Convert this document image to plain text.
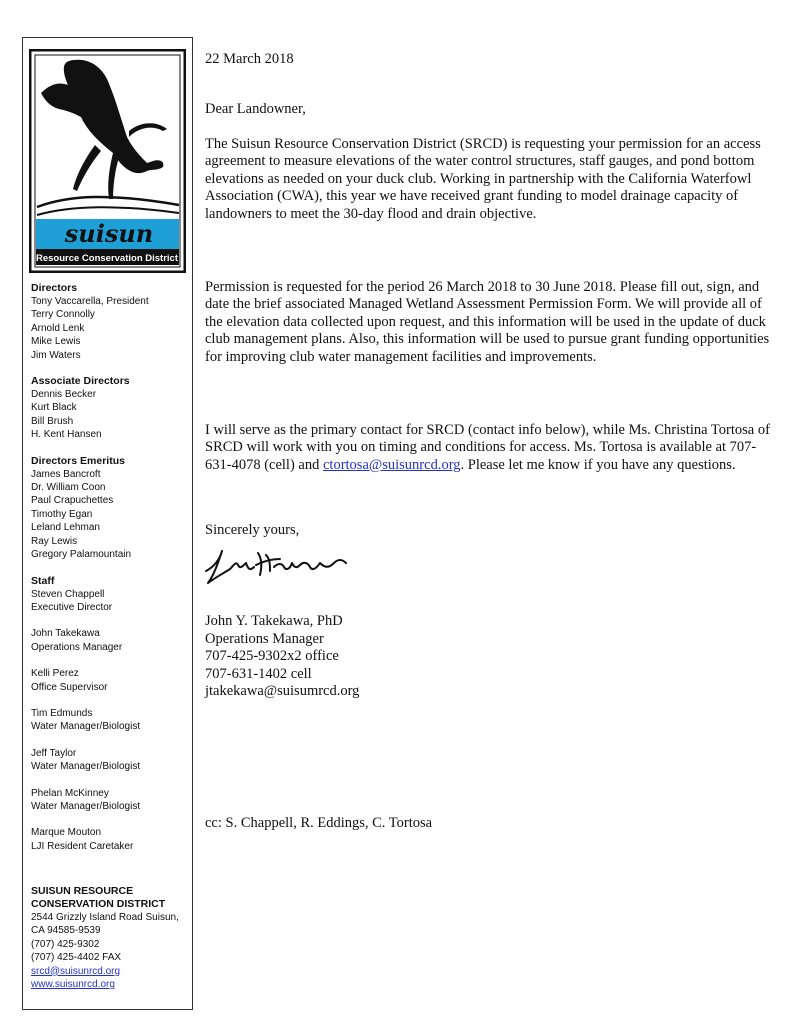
suisun
Resource Conservation District
Directors
Tony Vaccarella, President
Terry Connolly
Arnold Lenk
Mike Lewis
Jim Waters
Associate Directors
Dennis Becker
Kurt Black
Bill Brush
H. Kent Hansen
Directors Emeritus
James Bancroft
Dr. William Coon
Paul Crapuchettes
Timothy Egan
Leland Lehman
Ray Lewis
Gregory Palamountain
Staff
Steven Chappell
Executive Director
John Takekawa
Operations Manager
Kelli Perez
Office Supervisor
Tim Edmunds
Water Manager/Biologist
Jeff Taylor
Water Manager/Biologist
Phelan McKinney
Water Manager/Biologist
Marque Mouton
LJI Resident Caretaker
SUISUN RESOURCE
CONSERVATION DISTRICT
2544 Grizzly Island Road Suisun,
CA 94585-9539
(707) 425-9302
(707) 425-4402 FAX
srcd@suisunrcd.org
www.suisunrcd.org

22 March 2018

Dear Landowner,

The Suisun Resource Conservation District (SRCD) is requesting your permission for an access agreement to measure elevations of the water control structures, staff gauges, and pond bottom elevations as needed on your duck club. Working in partnership with the California Waterfowl Association (CWA), this year we have received grant funding to model drainage capacity of landowners to meet the 30-day flood and drain objective.

Permission is requested for the period 26 March 2018 to 30 June 2018. Please fill out, sign, and date the brief associated Managed Wetland Assessment Permission Form. We will provide all of the elevation data collected upon request, and this information will be used in the update of duck club management plans. Also, this information will be used to pursue grant funding opportunities for improving club water management facilities and improvements.

I will serve as the primary contact for SRCD (contact info below), while Ms. Christina Tortosa of SRCD will work with you on timing and conditions for access. Ms. Tortosa is available at 707-631-4078 (cell) and ctortosa@suisunrcd.org. Please let me know if you have any questions.

Sincerely yours,

John Y. Takekawa, PhD
Operations Manager
707-425-9302x2 office
707-631-1402 cell
jtakekawa@suisumrcd.org

cc: S. Chappell, R. Eddings, C. Tortosa
